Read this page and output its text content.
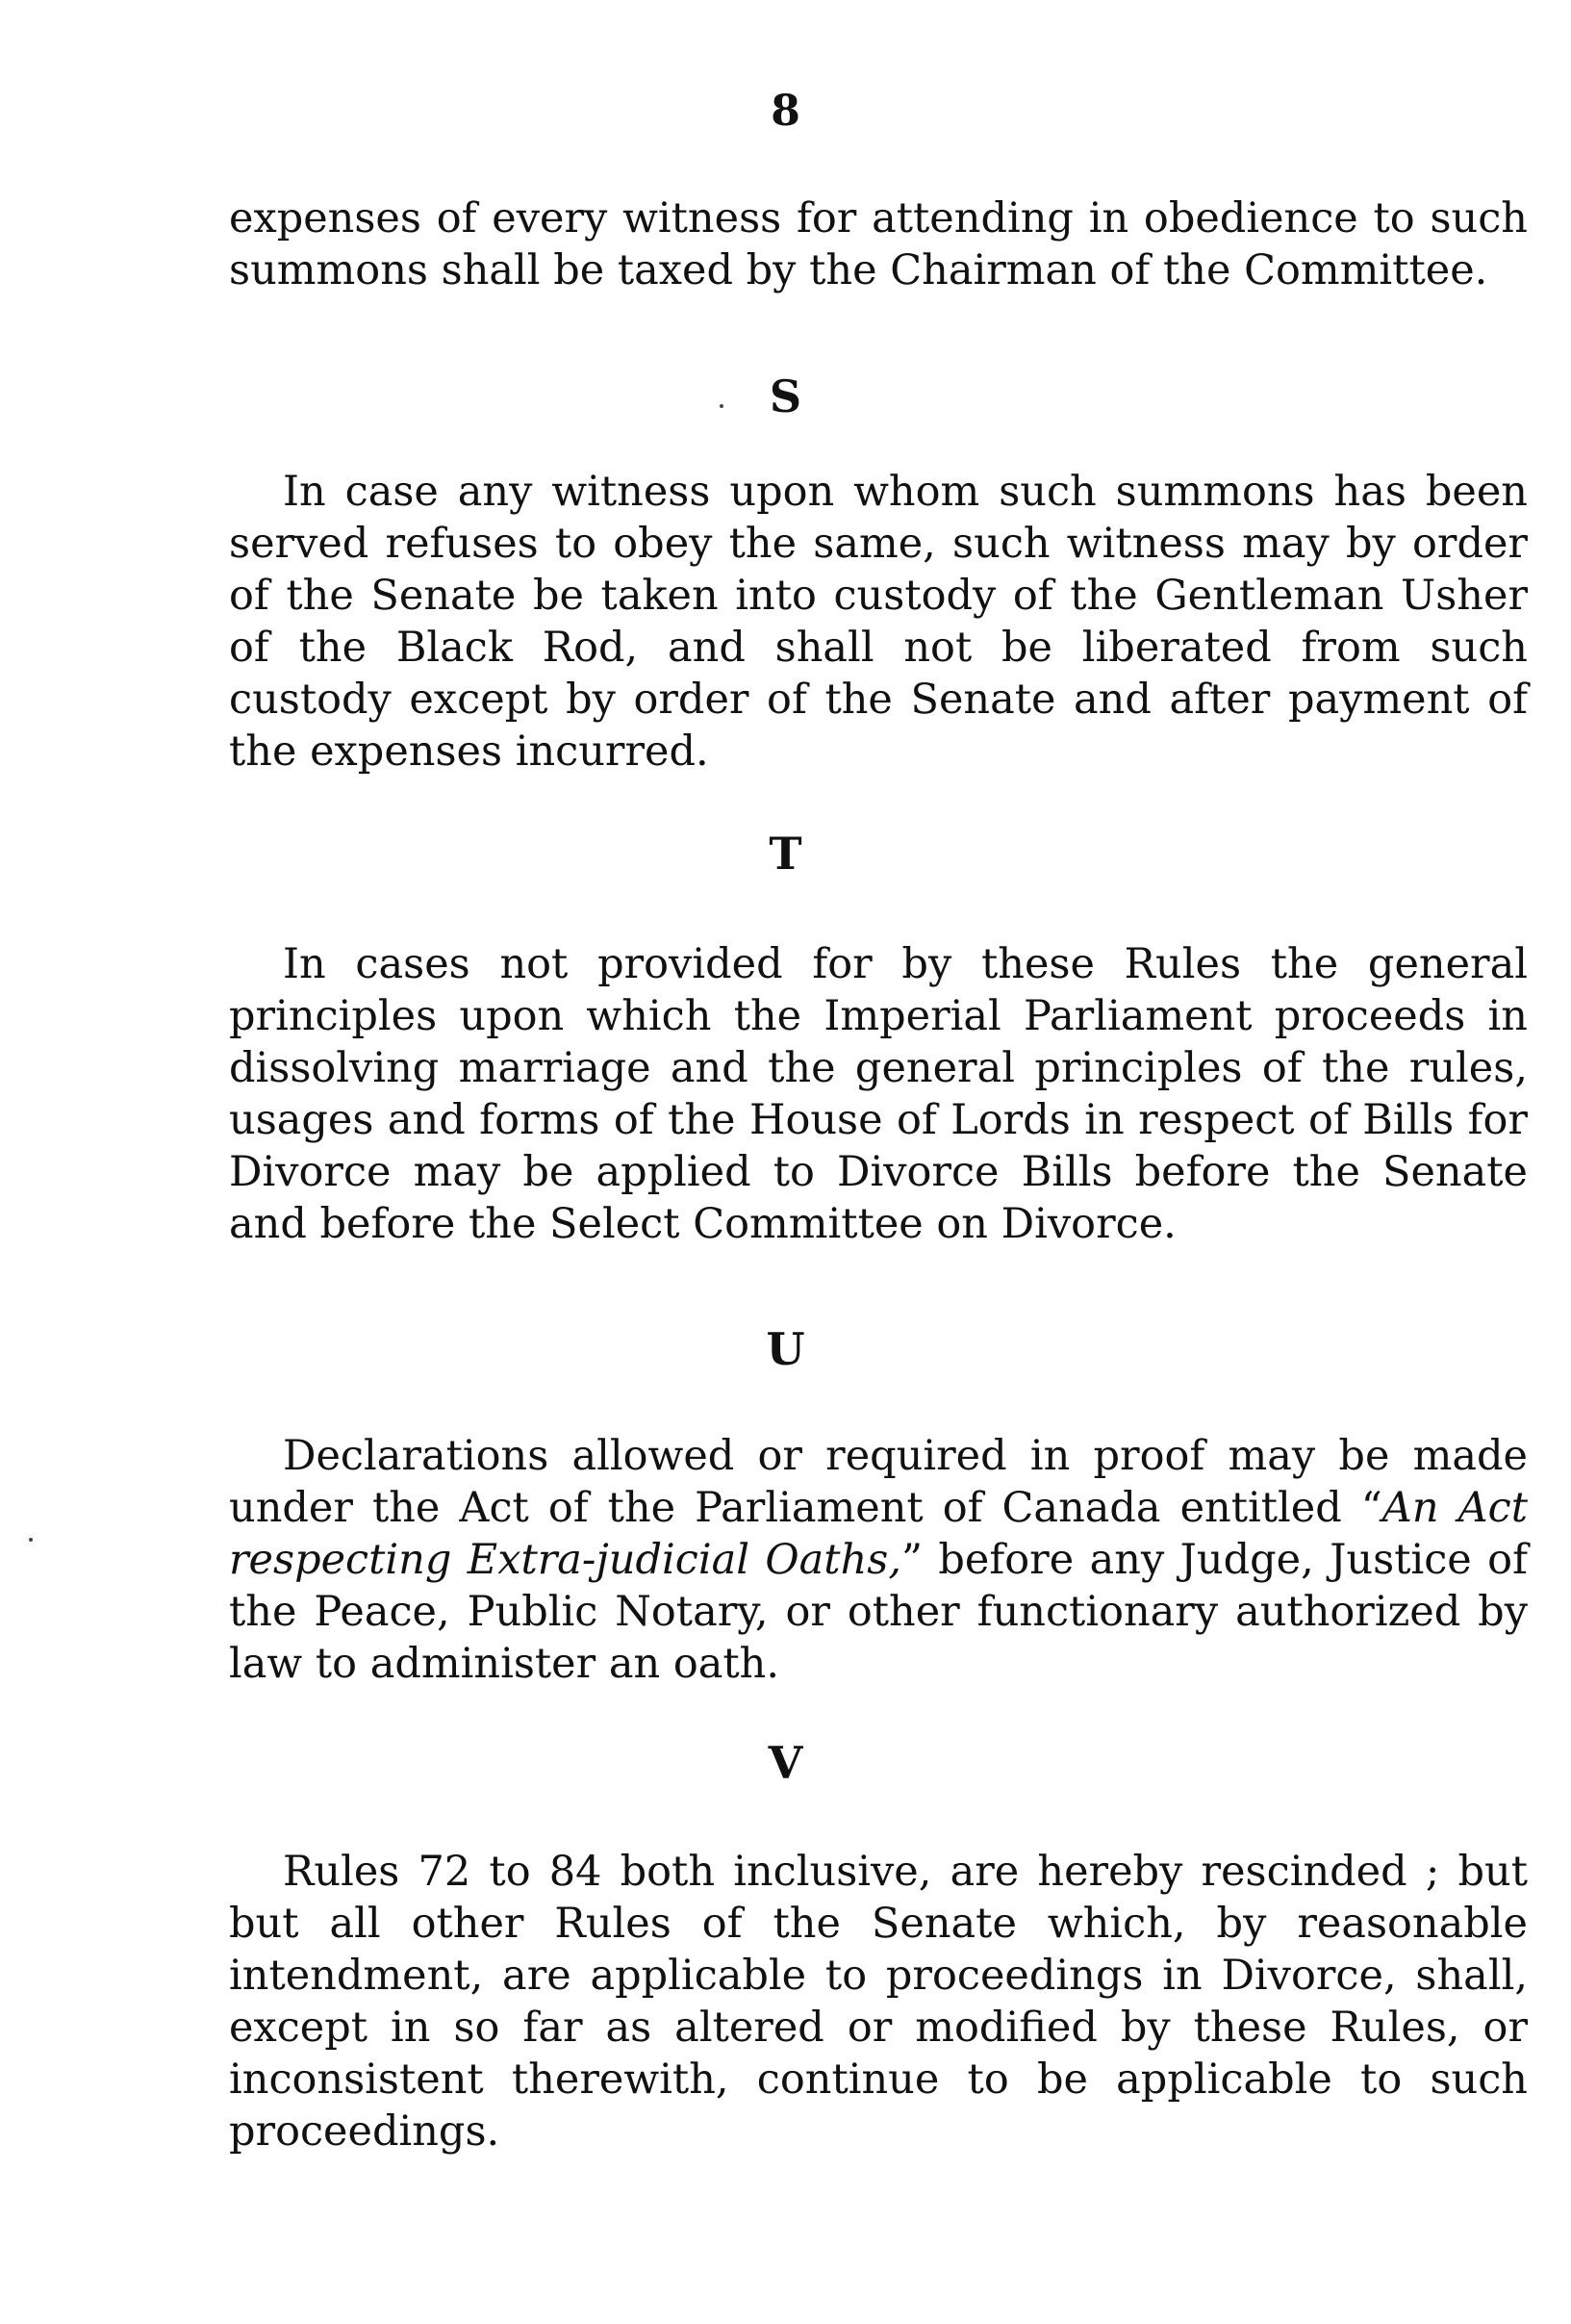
8

expenses of every witness for attending in obedience to such summons shall be taxed by the Chairman of the Committee.

S

In case any witness upon whom such summons has been served refuses to obey the same, such witness may by order of the Senate be taken into custody of the Gentleman Usher of the Black Rod, and shall not be liberated from such custody except by order of the Senate and after payment of the expenses incurred.

T

In cases not provided for by these Rules the general principles upon which the Imperial Parliament proceeds in dissolving marriage and the general principles of the rules, usages and forms of the House of Lords in respect of Bills for Divorce may be applied to Divorce Bills before the Senate and before the Select Committee on Divorce.

U

Declarations allowed or required in proof may be made under the Act of the Parliament of Canada entitled “An Act respecting Extra-judicial Oaths,” before any Judge, Justice of the Peace, Public Notary, or other functionary authorized by law to administer an oath.

V

Rules 72 to 84 both inclusive, are hereby rescinded ; but but all other Rules of the Senate which, by reasonable intendment, are applicable to proceedings in Divorce, shall, except in so far as altered or modified by these Rules, or inconsistent therewith, continue to be applicable to such proceedings.
